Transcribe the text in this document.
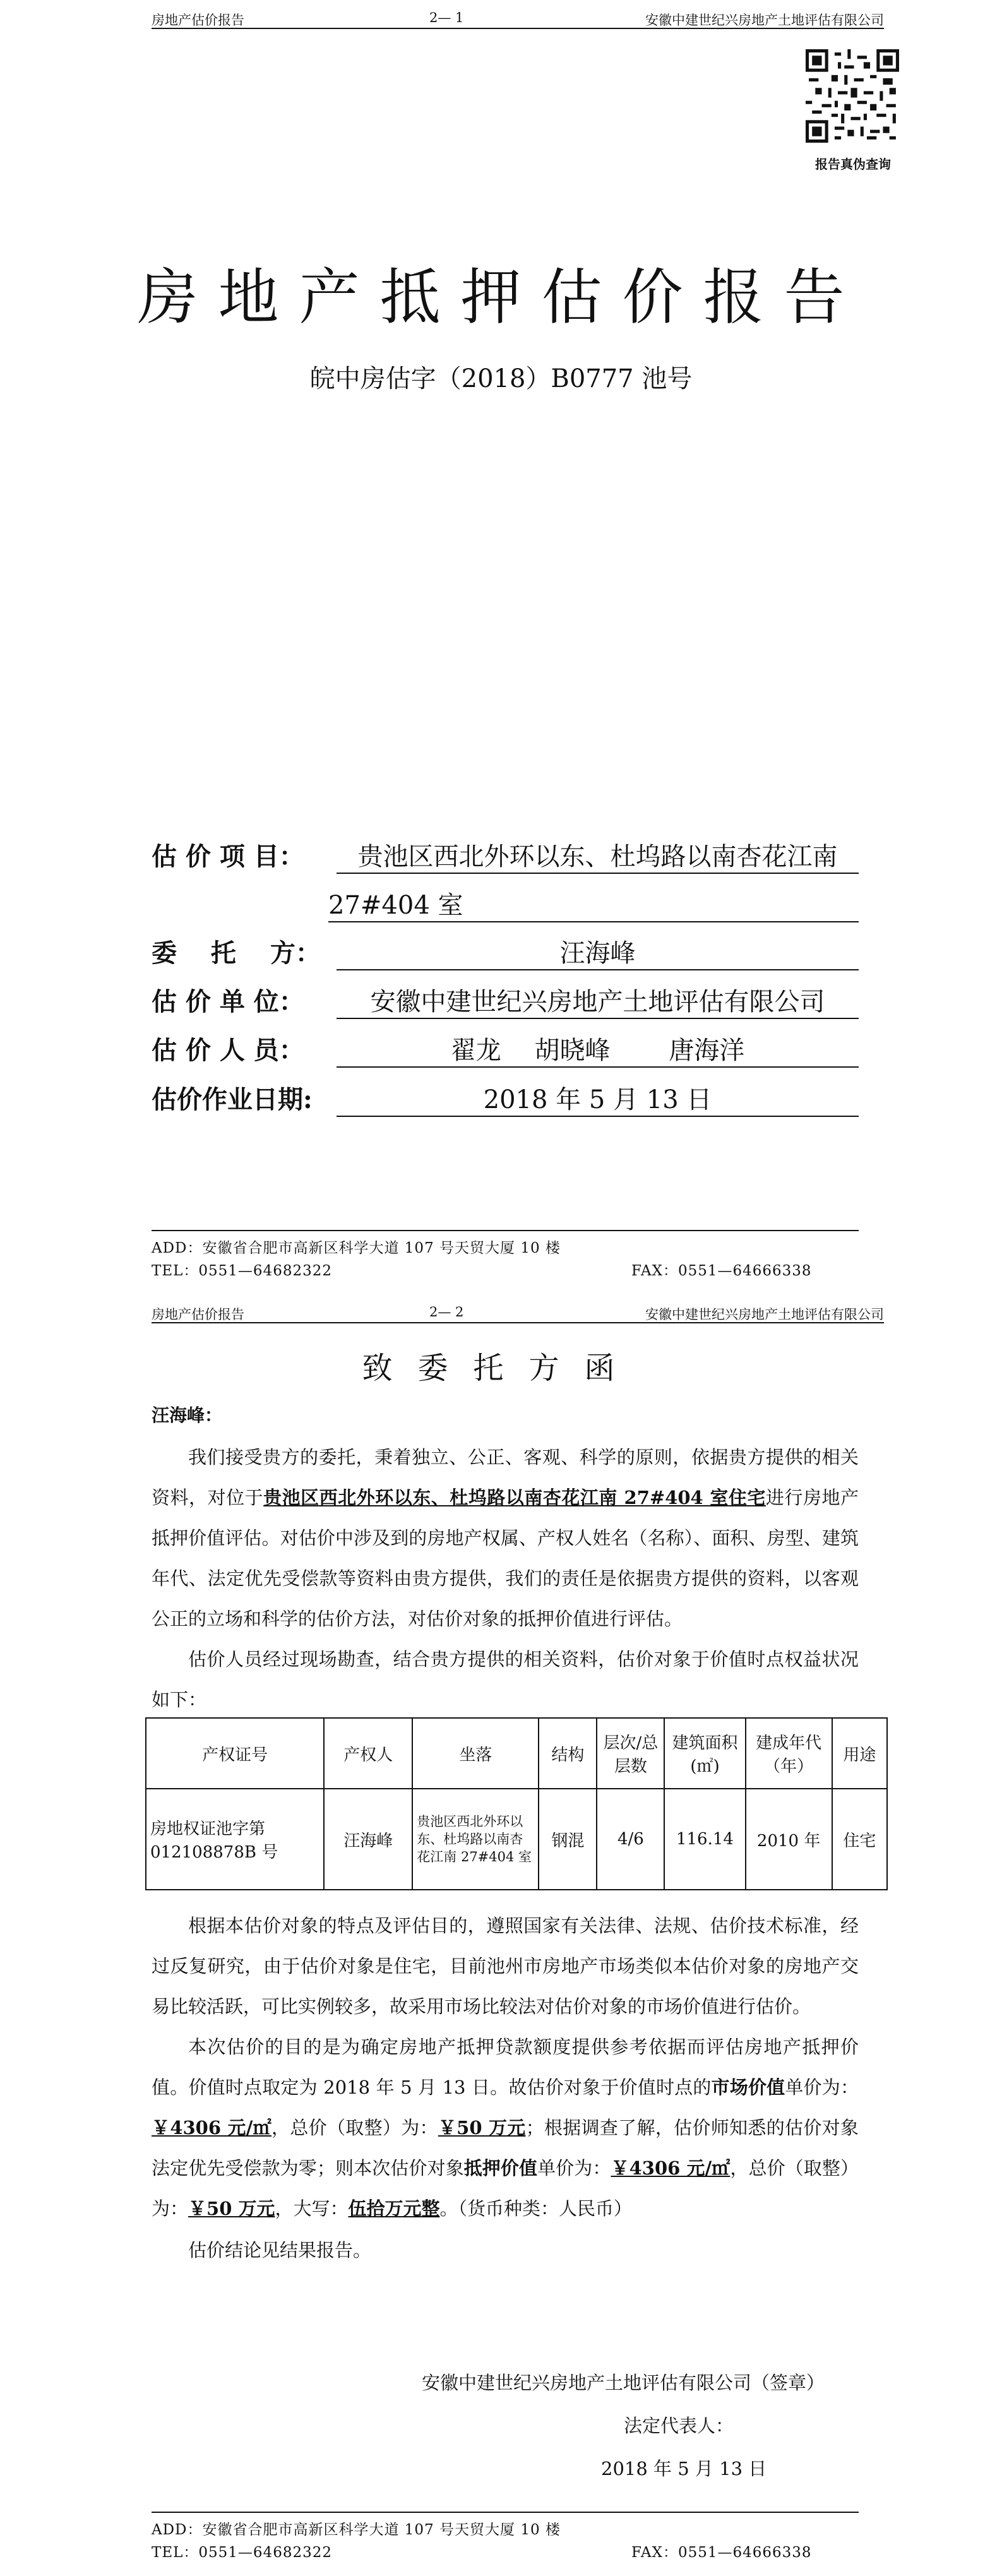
房地产估价报告	2— 1	安徽中建世纪兴房地产土地评估有限公司
报告真伪查询
房地产抵押估价报告
皖中房估字（2018）B0777 池号
估 价 项 目：	贵池区西北外环以东、杜坞路以南杏花江南
27#404 室
委　 托　 方：	汪海峰
估 价 单 位：	安徽中建世纪兴房地产土地评估有限公司
估 价 人 员：	翟龙　 胡晓峰　　 唐海洋
估价作业日期:	2018 年 5 月 13 日
ADD：安徽省合肥市高新区科学大道 107 号天贸大厦 10 楼
TEL：0551—64682322	FAX：0551—64666338
房地产估价报告	2— 2	安徽中建世纪兴房地产土地评估有限公司
致委托方函
汪海峰：
我们接受贵方的委托，秉着独立、公正、客观、科学的原则，依据贵方提供的相关资料，对位于贵池区西北外环以东、杜坞路以南杏花江南 27#404 室住宅进行房地产抵押价值评估。对估价中涉及到的房地产权属、产权人姓名（名称）、面积、房型、建筑年代、法定优先受偿款等资料由贵方提供，我们的责任是依据贵方提供的资料，以客观公正的立场和科学的估价方法，对估价对象的抵押价值进行评估。
估价人员经过现场勘查，结合贵方提供的相关资料，估价对象于价值时点权益状况如下：
产权证号	产权人	坐落	结构	层次/总层数	建筑面积(㎡)	建成年代（年）	用途
房地权证池字第 012108878B 号	汪海峰	贵池区西北外环以东、杜坞路以南杏花江南 27#404 室	钢混	4/6	116.14	2010 年	住宅
根据本估价对象的特点及评估目的，遵照国家有关法律、法规、估价技术标准，经过反复研究，由于估价对象是住宅，目前池州市房地产市场类似本估价对象的房地产交易比较活跃，可比实例较多，故采用市场比较法对估价对象的市场价值进行估价。
本次估价的目的是为确定房地产抵押贷款额度提供参考依据而评估房地产抵押价值。价值时点取定为 2018 年 5 月 13 日。故估价对象于价值时点的市场价值单价为：￥4306 元/㎡，总价（取整）为：￥50 万元；根据调查了解，估价师知悉的估价对象法定优先受偿款为零；则本次估价对象抵押价值单价为：￥4306 元/㎡，总价（取整）为：￥50 万元，大写：伍拾万元整。（货币种类：人民币）
估价结论见结果报告。
安徽中建世纪兴房地产土地评估有限公司（签章）
法定代表人：
2018 年 5 月 13 日
ADD：安徽省合肥市高新区科学大道 107 号天贸大厦 10 楼
TEL：0551—64682322	FAX：0551—64666338
